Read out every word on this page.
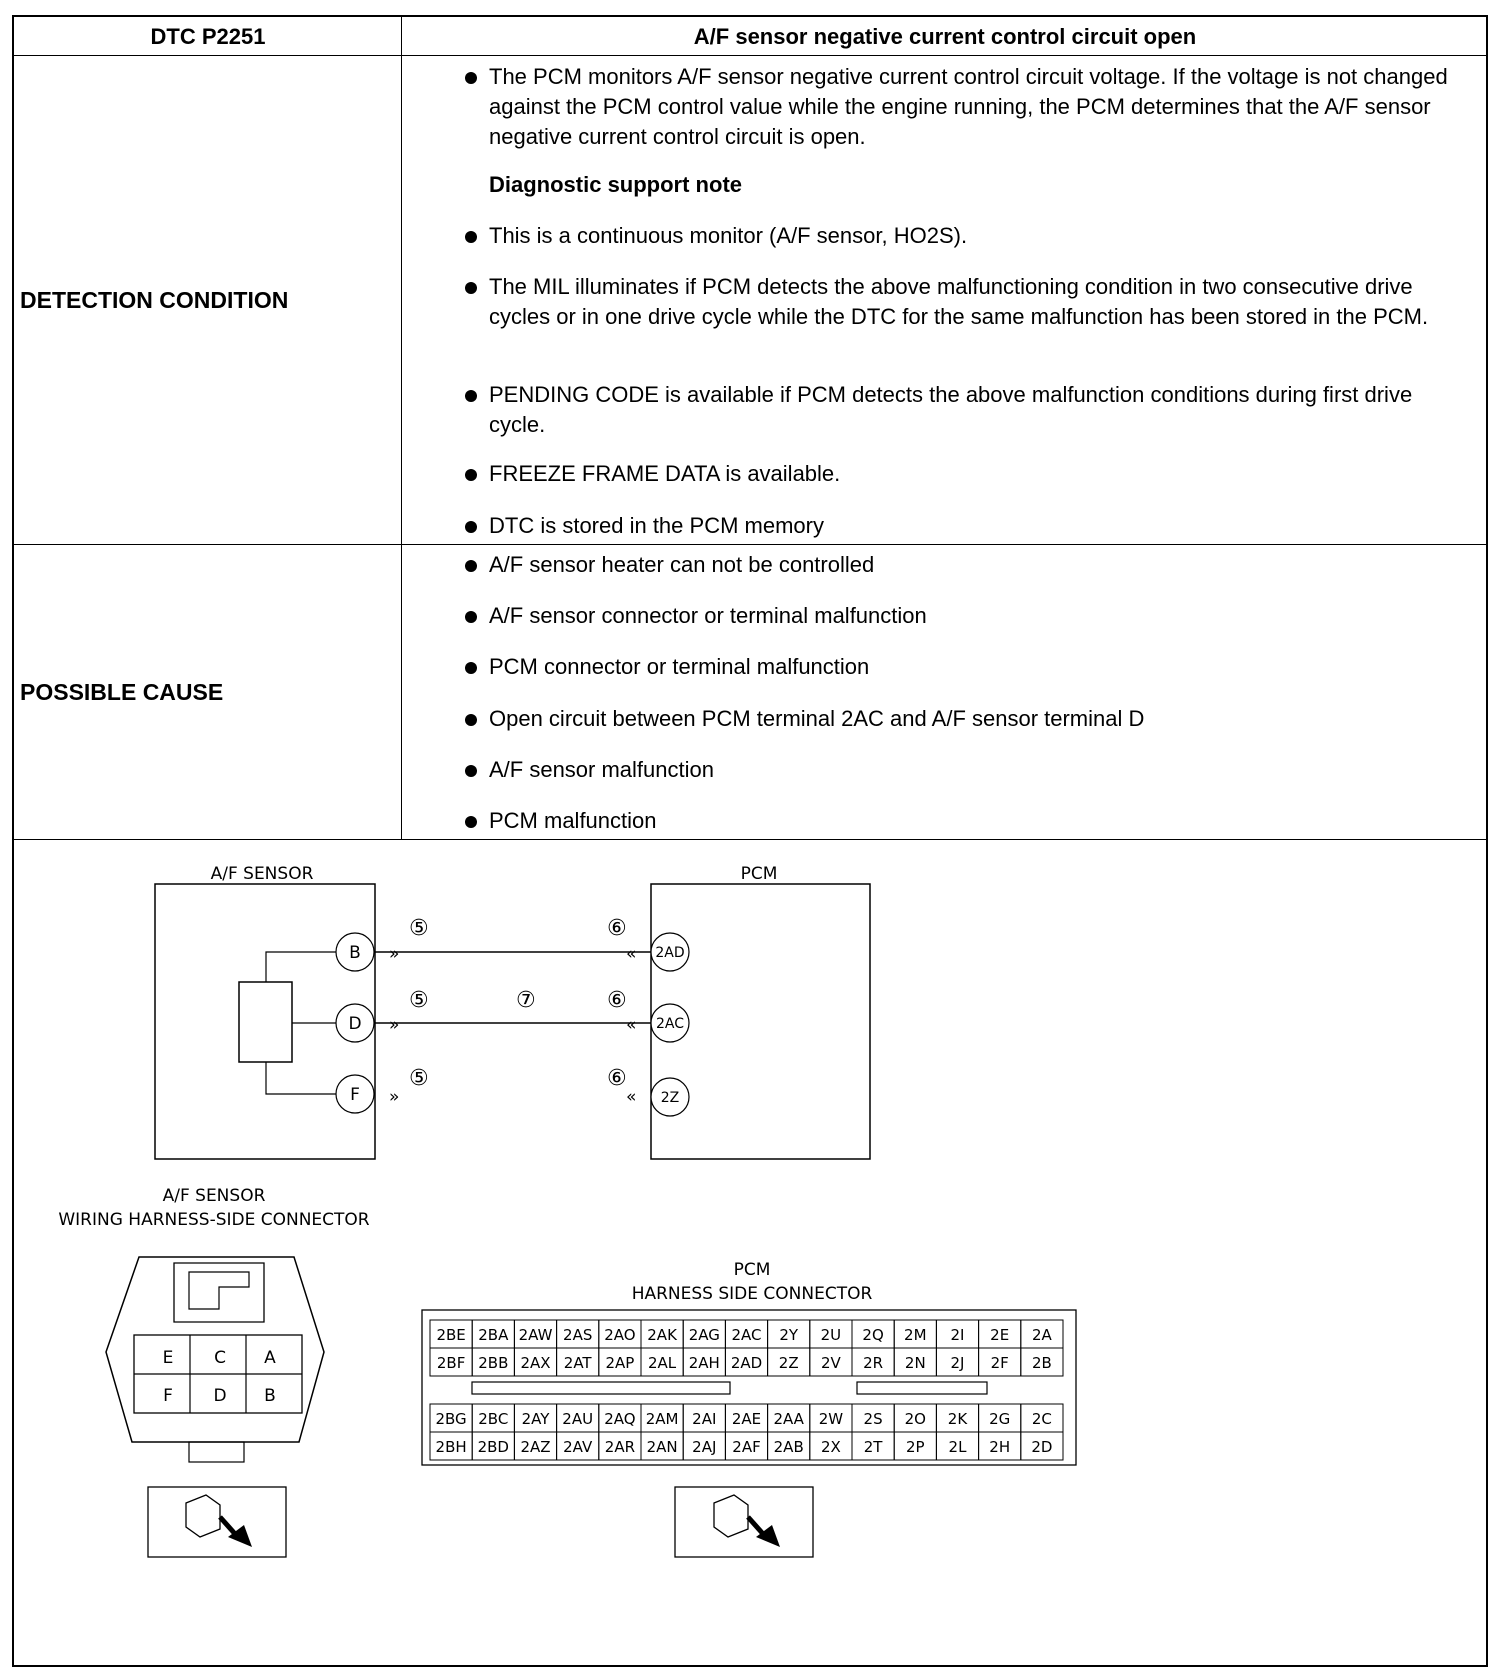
DTC P2251	A/F sensor negative current control circuit open
DETECTION CONDITION
The PCM monitors A/F sensor negative current control circuit voltage. If the voltage is not changed against the PCM control value while the engine running, the PCM determines that the A/F sensor negative current control circuit is open.
This is a continuous monitor (A/F sensor, HO2S).
The MIL illuminates if PCM detects the above malfunctioning condition in two consecutive drive cycles or in one drive cycle while the DTC for the same malfunction has been stored in the PCM.
PENDING CODE is available if PCM detects the above malfunction conditions during first drive cycle.
FREEZE FRAME DATA is available.
DTC is stored in the PCM memory
Diagnostic support note
POSSIBLE CAUSE
A/F sensor heater can not be controlled
A/F sensor connector or terminal malfunction
PCM connector or terminal malfunction
Open circuit between PCM terminal 2AC and A/F sensor terminal D
A/F sensor malfunction
PCM malfunction
A/F SENSOR	PCM
B
D
F
2AD
2AC
2Z
»	«
»	«
»	«
⑤	⑥
⑤	⑦	⑥
⑤	⑥
A/F SENSOR
WIRING HARNESS-SIDE CONNECTOR
E C A
F D B
PCM
HARNESS SIDE CONNECTOR
2BE 2BA 2AW 2AS 2AO 2AK 2AG 2AC 2Y 2U 2Q 2M 2I 2E 2A
2BF 2BB 2AX 2AT 2AP 2AL 2AH 2AD 2Z 2V 2R 2N 2J 2F 2B
2BG 2BC 2AY 2AU 2AQ 2AM 2AI 2AE 2AA 2W 2S 2O 2K 2G 2C
2BH 2BD 2AZ 2AV 2AR 2AN 2AJ 2AF 2AB 2X 2T 2P 2L 2H 2D
